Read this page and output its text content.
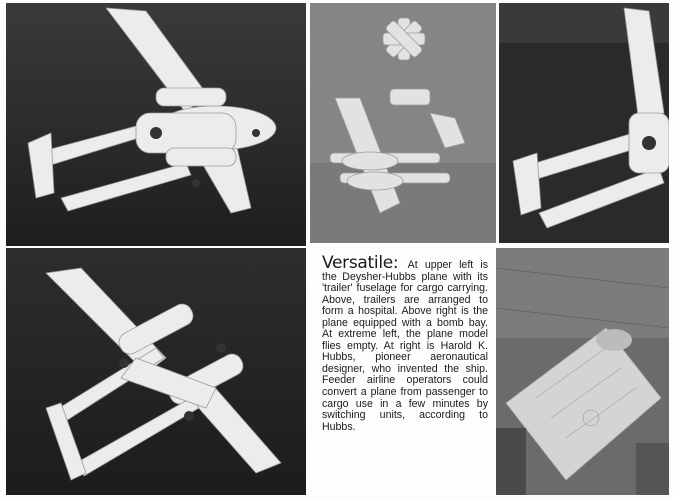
Versatile: At upper left is the Deysher-Hubbs plane with its 'trailer' fuselage for cargo carrying. Above, trailers are arranged to form a hospital. Above right is the plane equipped with a bomb bay. At extreme left, the plane model flies empty. At right is Harold K. Hubbs, pioneer aeronautical designer, who invented the ship. Feeder airline operators could convert a plane from passenger to cargo use in a few minutes by switching units, according to Hubbs.
